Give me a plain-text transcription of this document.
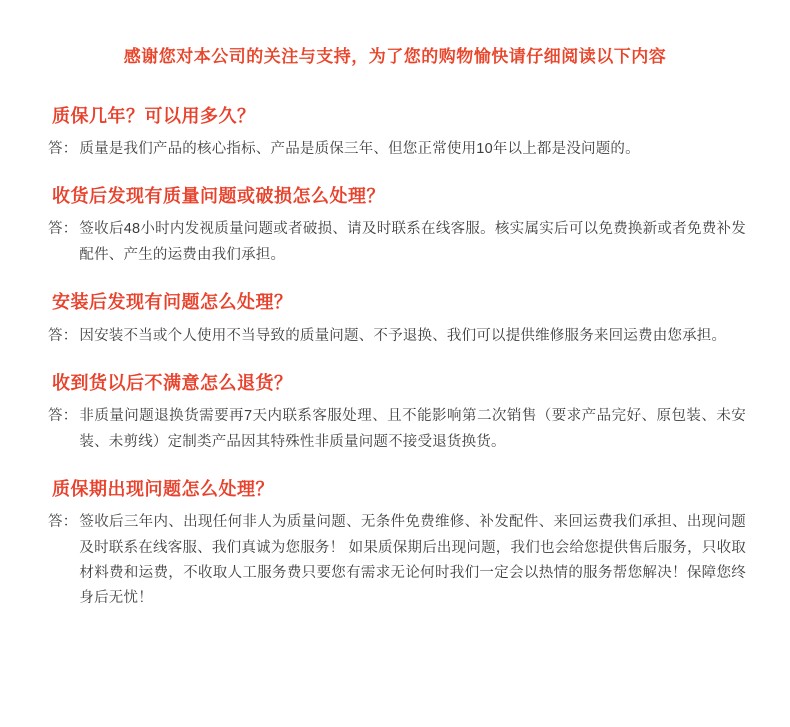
感谢您对本公司的关注与支持，为了您的购物愉快请仔细阅读以下内容

质保几年？可以用多久？
答： 质量是我们产品的核心指标、产品是质保三年、但您正常使用10年以上都是没问题的。
收货后发现有质量问题或破损怎么处理？
答： 签收后48小时内发视质量问题或者破损、请及时联系在线客服。核实属实后可以免费换新或者免费补发配件、产生的运费由我们承担。
安装后发现有问题怎么处理？
答： 因安装不当或个人使用不当导致的质量问题、不予退换、我们可以提供维修服务来回运费由您承担。
收到货以后不满意怎么退货？
答： 非质量问题退换货需要再7天内联系客服处理、且不能影响第二次销售（要求产品完好、原包装、未安装、未剪线）定制类产品因其特殊性非质量问题不接受退货换货。
质保期出现问题怎么处理？
答： 签收后三年内、出现任何非人为质量问题、无条件免费维修、补发配件、来回运费我们承担、出现问题及时联系在线客服、我们真诚为您服务！ 如果质保期后出现问题，我们也会给您提供售后服务，只收取材料费和运费，不收取人工服务费只要您有需求无论何时我们一定会以热情的服务帮您解决！保障您终身后无忧！
